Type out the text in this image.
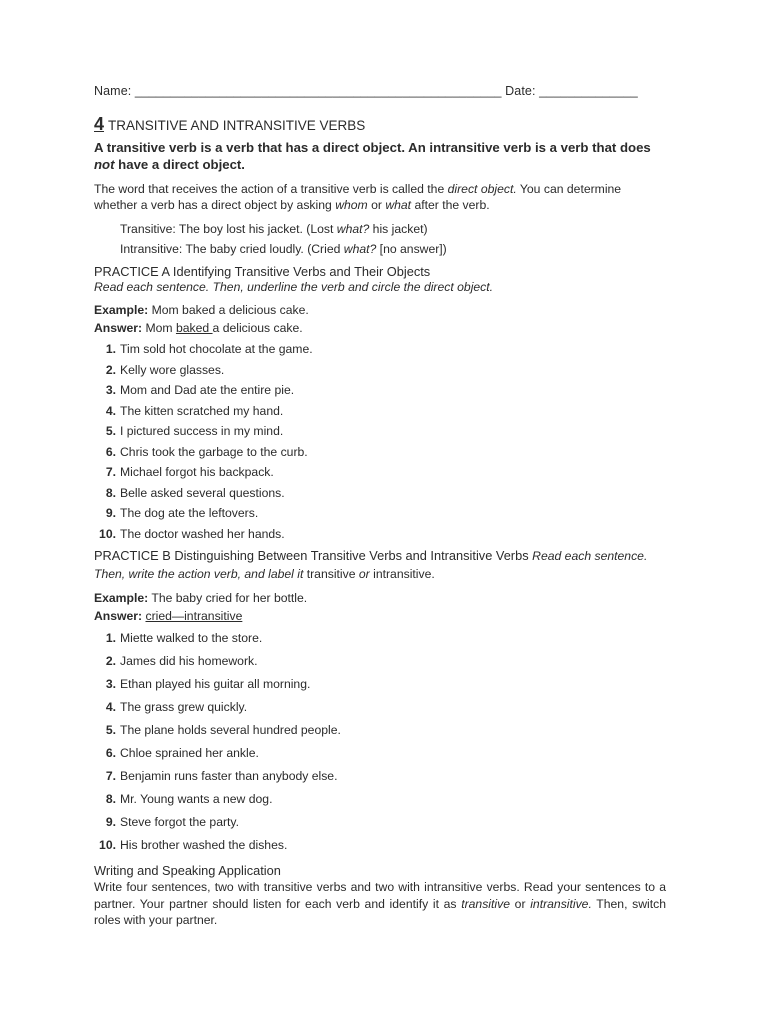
Name: ____________________________________________________ Date: ______________
4 TRANSITIVE AND INTRANSITIVE VERBS
A transitive verb is a verb that has a direct object. An intransitive verb is a verb that does not have a direct object.
The word that receives the action of a transitive verb is called the direct object. You can determine whether a verb has a direct object by asking whom or what after the verb.
Transitive: The boy lost his jacket. (Lost what? his jacket)
Intransitive: The baby cried loudly. (Cried what? [no answer])
PRACTICE A Identifying Transitive Verbs and Their Objects
Read each sentence. Then, underline the verb and circle the direct object.
Example: Mom baked a delicious cake.
Answer: Mom baked a delicious cake.
1. Tim sold hot chocolate at the game.
2. Kelly wore glasses.
3. Mom and Dad ate the entire pie.
4. The kitten scratched my hand.
5. I pictured success in my mind.
6. Chris took the garbage to the curb.
7. Michael forgot his backpack.
8. Belle asked several questions.
9. The dog ate the leftovers.
10. The doctor washed her hands.
PRACTICE B Distinguishing Between Transitive Verbs and Intransitive Verbs Read each sentence. Then, write the action verb, and label it transitive or intransitive.
Example: The baby cried for her bottle.
Answer: cried—intransitive
1. Miette walked to the store.
2. James did his homework.
3. Ethan played his guitar all morning.
4. The grass grew quickly.
5. The plane holds several hundred people.
6. Chloe sprained her ankle.
7. Benjamin runs faster than anybody else.
8. Mr. Young wants a new dog.
9. Steve forgot the party.
10. His brother washed the dishes.
Writing and Speaking Application
Write four sentences, two with transitive verbs and two with intransitive verbs. Read your sentences to a partner. Your partner should listen for each verb and identify it as transitive or intransitive. Then, switch roles with your partner.
